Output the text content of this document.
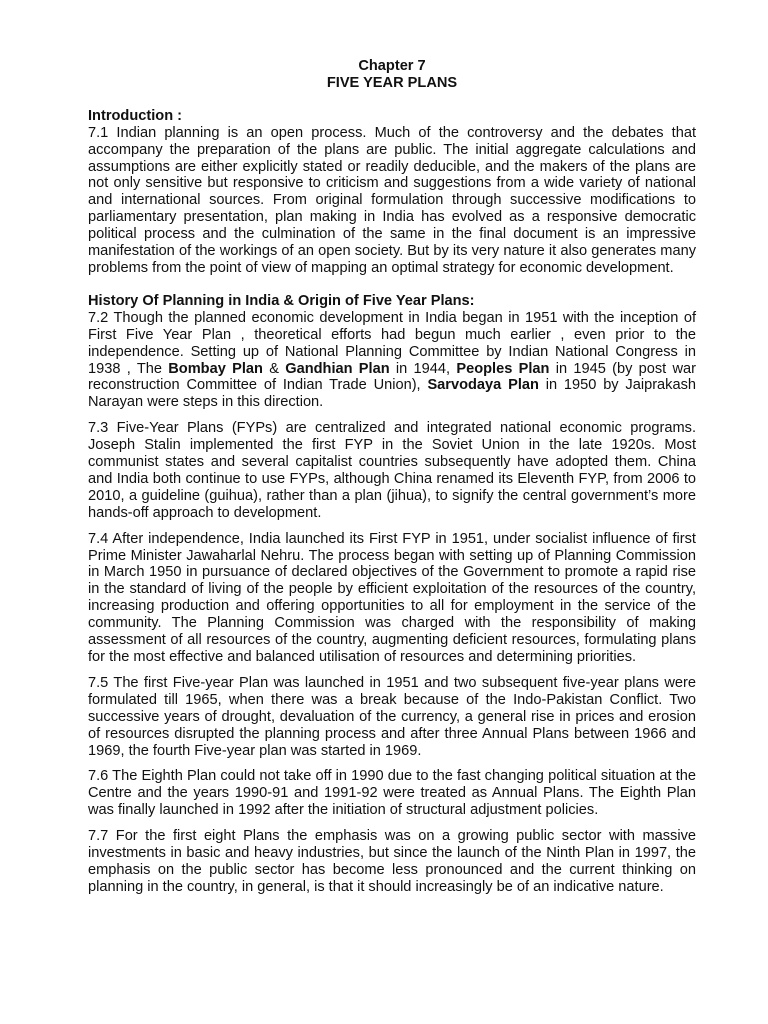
Chapter 7
FIVE YEAR PLANS
Introduction :

7.1 Indian planning is an open process. Much of the controversy and the debates that accompany the preparation of the plans are public. The initial aggregate calculations and assumptions are either explicitly stated or readily deducible, and the makers of the plans are not only sensitive but responsive to criticism and suggestions from a wide variety of national and international sources. From original formulation through successive modifications to parliamentary presentation, plan making in India has evolved as a responsive democratic political process and the culmination of the same in the final document is an impressive manifestation of the workings of an open society. But by its very nature it also generates many problems from the point of view of mapping an optimal strategy for economic development.

History Of Planning in India & Origin of Five Year Plans:

7.2 Though the planned economic development in India began in 1951 with the inception of First Five Year Plan , theoretical efforts had begun much earlier , even prior to the independence. Setting up of National Planning Committee by Indian National Congress in 1938 , The Bombay Plan & Gandhian Plan in 1944, Peoples Plan in 1945 (by post war reconstruction Committee of Indian Trade Union), Sarvodaya Plan in 1950 by Jaiprakash Narayan were steps in this direction.

7.3 Five-Year Plans (FYPs) are centralized and integrated national economic programs. Joseph Stalin implemented the first FYP in the Soviet Union in the late 1920s. Most communist states and several capitalist countries subsequently have adopted them. China and India both continue to use FYPs, although China renamed its Eleventh FYP, from 2006 to 2010, a guideline (guihua), rather than a plan (jihua), to signify the central government’s more hands-off approach to development.

7.4 After independence, India launched its First FYP in 1951, under socialist influence of first Prime Minister Jawaharlal Nehru. The process began with setting up of Planning Commission in March 1950 in pursuance of declared objectives of the Government to promote a rapid rise in the standard of living of the people by efficient exploitation of the resources of the country, increasing production and offering opportunities to all for employment in the service of the community. The Planning Commission was charged with the responsibility of making assessment of all resources of the country, augmenting deficient resources, formulating plans for the most effective and balanced utilisation of resources and determining priorities.

7.5 The first Five-year Plan was launched in 1951 and two subsequent five-year plans were formulated till 1965, when there was a break because of the Indo-Pakistan Conflict. Two successive years of drought, devaluation of the currency, a general rise in prices and erosion of resources disrupted the planning process and after three Annual Plans between 1966 and 1969, the fourth Five-year plan was started in 1969.

7.6 The Eighth Plan could not take off in 1990 due to the fast changing political situation at the Centre and the years 1990-91 and 1991-92 were treated as Annual Plans. The Eighth Plan was finally launched in 1992 after the initiation of structural adjustment policies.

7.7 For the first eight Plans the emphasis was on a growing public sector with massive investments in basic and heavy industries, but since the launch of the Ninth Plan in 1997, the emphasis on the public sector has become less pronounced and the current thinking on planning in the country, in general, is that it should increasingly be of an indicative nature.
